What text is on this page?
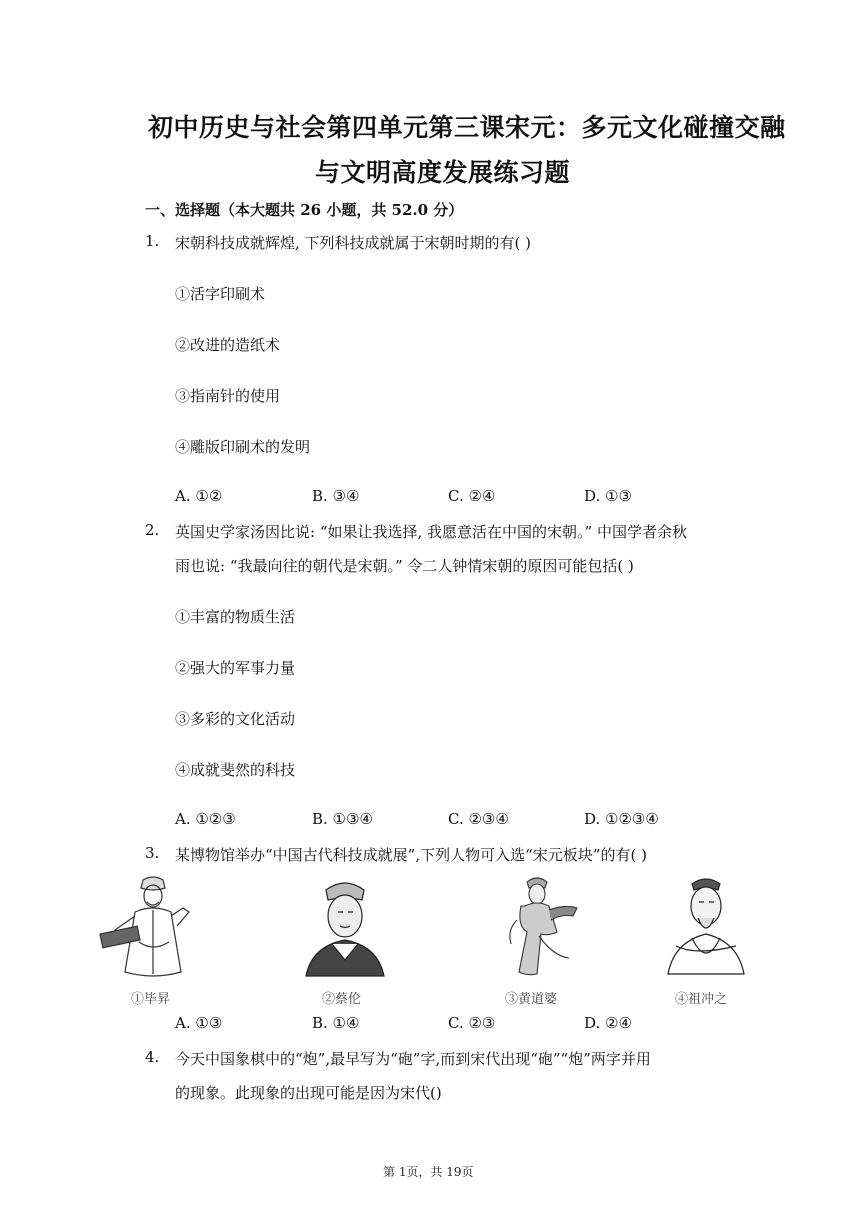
初中历史与社会第四单元第三课宋元：多元文化碰撞交融
与文明高度发展练习题
一、选择题（本大题共 26 小题，共 52.0 分）
1. 宋朝科技成就辉煌, 下列科技成就属于宋朝时期的有( )
①活字印刷术
②改进的造纸术
③指南针的使用
④雕版印刷术的发明
A. ①②	B. ③④	C. ②④	D. ①③
2. 英国史学家汤因比说: “如果让我选择, 我愿意活在中国的宋朝。” 中国学者余秋
雨也说: “我最向往的朝代是宋朝。” 令二人钟情宋朝的原因可能包括( )
①丰富的物质生活
②强大的军事力量
③多彩的文化活动
④成就斐然的科技
A. ①②③	B. ①③④	C. ②③④	D. ①②③④
3. 某博物馆举办“中国古代科技成就展”,下列人物可入选“宋元板块”的有( )
①毕昇	②蔡伦	③黄道婆	④祖冲之
A. ①③	B. ①④	C. ②③	D. ②④
4. 今天中国象棋中的“炮”,最早写为“砲”字,而到宋代出现“砲”“炮”两字并用
的现象。此现象的出现可能是因为宋代()
第 1页，共 19页
